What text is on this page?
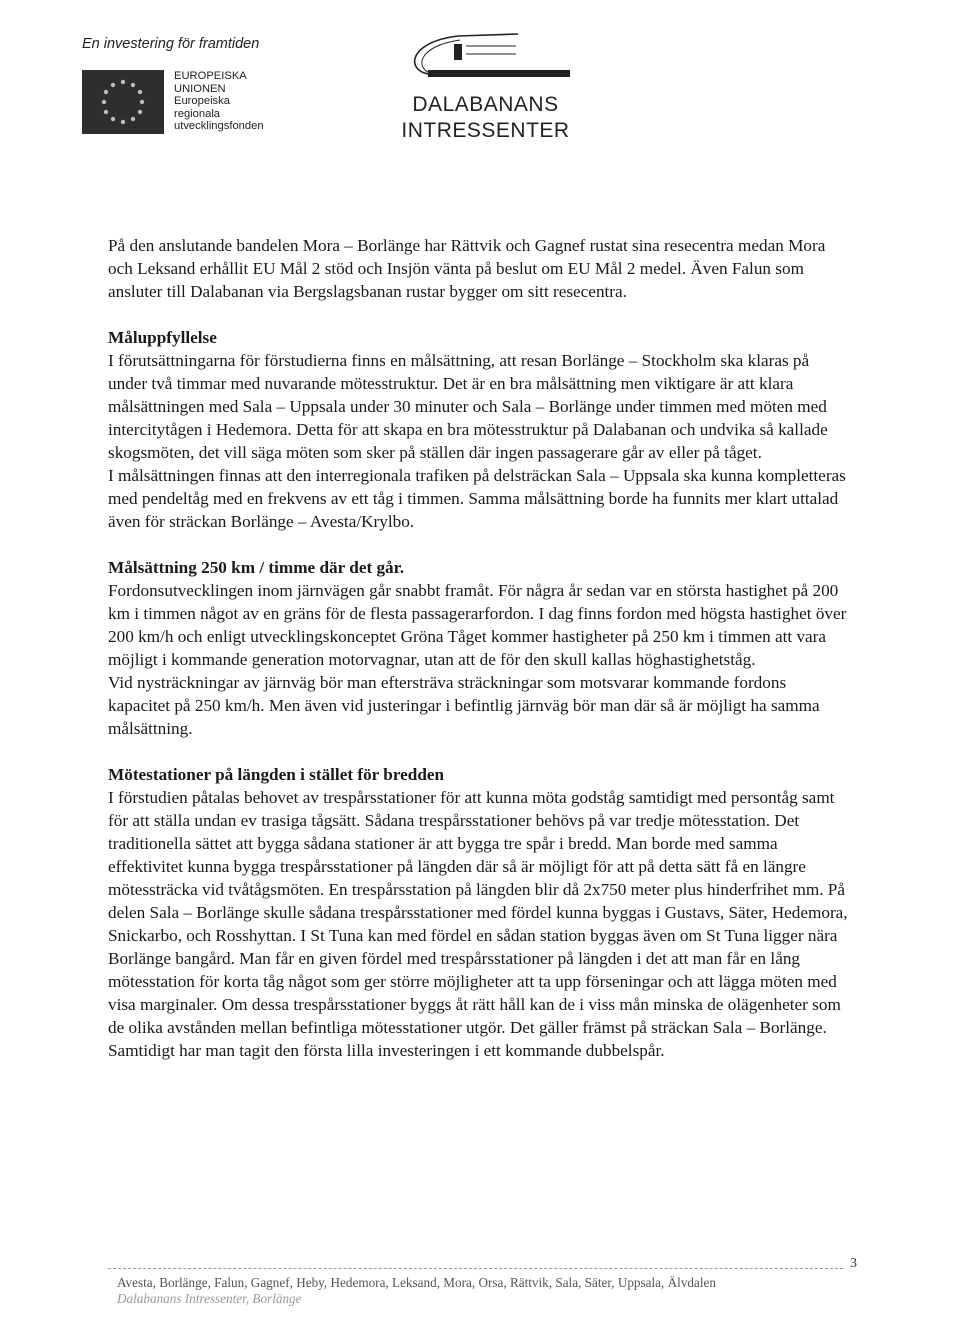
En investering för framtiden
EUROPEISKA
UNIONEN
Europeiska
regionala
utvecklingsfonden
DALABANANS
INTRESSENTER

På den anslutande bandelen Mora – Borlänge har Rättvik och Gagnef rustat sina resecentra medan Mora och Leksand erhållit EU Mål 2 stöd och Insjön vänta på beslut om EU Mål 2 medel. Även Falun som ansluter till Dalabanan via Bergslagsbanan rustar bygger om sitt resecentra.

Måluppfyllelse

I förutsättningarna för förstudierna finns en målsättning, att resan Borlänge – Stockholm ska klaras på under två timmar med nuvarande mötesstruktur. Det är en bra målsättning men viktigare är att klara målsättningen med Sala – Uppsala under 30 minuter och Sala – Borlänge under timmen med möten med intercitytågen i Hedemora. Detta för att skapa en bra mötesstruktur på Dalabanan och undvika så kallade skogsmöten, det vill säga möten som sker på ställen där ingen passagerare går av eller på tåget.

I målsättningen finnas att den interregionala trafiken på delsträckan Sala – Uppsala ska kunna kompletteras med pendeltåg med en frekvens av ett tåg i timmen. Samma målsättning borde ha funnits mer klart uttalad även för sträckan Borlänge – Avesta/Krylbo.

Målsättning 250 km / timme där det går.

Fordonsutvecklingen inom järnvägen går snabbt framåt. För några år sedan var en största hastighet på 200 km i timmen något av en gräns för de flesta passagerarfordon. I dag finns fordon med högsta hastighet över 200 km/h och enligt utvecklingskonceptet Gröna Tåget kommer hastigheter på 250 km i timmen att vara möjligt i kommande generation motorvagnar, utan att de för den skull kallas höghastighetståg.

Vid nysträckningar av järnväg bör man eftersträva sträckningar som motsvarar kommande fordons kapacitet på 250 km/h. Men även vid justeringar i befintlig järnväg bör man där så är möjligt ha samma målsättning.

Mötestationer på längden i stället för bredden

I förstudien påtalas behovet av trespårsstationer för att kunna möta godståg samtidigt med persontåg samt för att ställa undan ev trasiga tågsätt. Sådana trespårsstationer behövs på var tredje mötesstation. Det traditionella sättet att bygga sådana stationer är att bygga tre spår i bredd. Man borde med samma effektivitet kunna bygga trespårsstationer på längden där så är möjligt för att på detta sätt få en längre mötessträcka vid tvåtågsmöten. En trespårsstation på längden blir då 2x750 meter plus hinderfrihet mm. På delen Sala – Borlänge skulle sådana trespårsstationer med fördel kunna byggas i Gustavs, Säter, Hedemora, Snickarbo, och Rosshyttan. I St Tuna kan med fördel en sådan station byggas även om St Tuna ligger nära Borlänge bangård. Man får en given fördel med trespårsstationer på längden i det att man får en lång mötesstation för korta tåg något som ger större möjligheter att ta upp förseningar och att lägga möten med visa marginaler. Om dessa trespårsstationer byggs åt rätt håll kan de i viss mån minska de olägenheter som de olika avstånden mellan befintliga mötesstationer utgör. Det gäller främst på sträckan Sala – Borlänge. Samtidigt har man tagit den första lilla investeringen i ett kommande dubbelspår.

3
Avesta, Borlänge, Falun, Gagnef, Heby, Hedemora, Leksand, Mora, Orsa, Rättvik, Sala, Säter, Uppsala, Älvdalen
Dalabanans Intressenter, Borlänge
